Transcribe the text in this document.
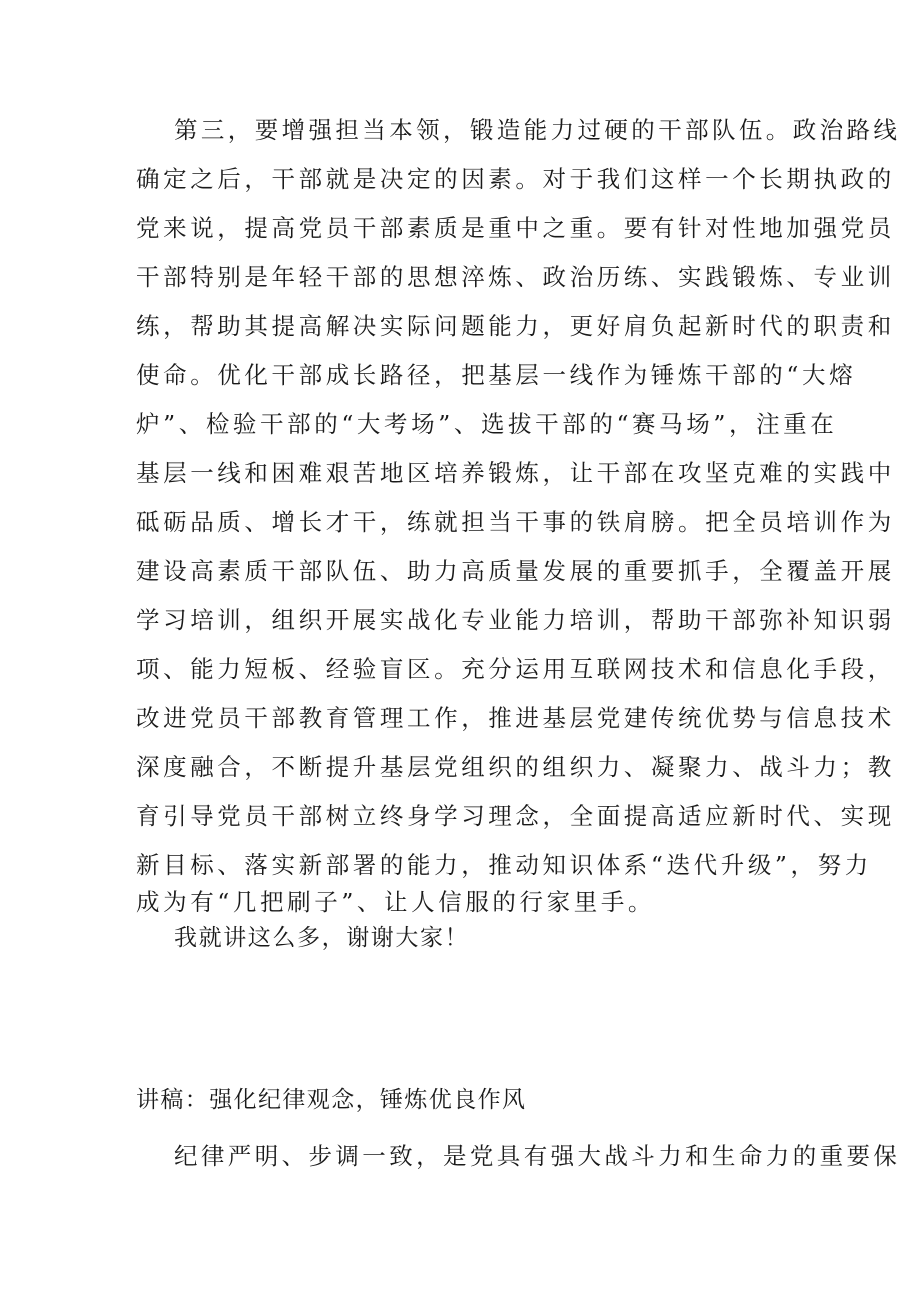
第三，要增强担当本领，锻造能力过硬的干部队伍。政治路线
确定之后，干部就是决定的因素。对于我们这样一个长期执政的
党来说，提高党员干部素质是重中之重。要有针对性地加强党员
干部特别是年轻干部的思想淬炼、政治历练、实践锻炼、专业训
练，帮助其提高解决实际问题能力，更好肩负起新时代的职责和
使命。优化干部成长路径，把基层一线作为锤炼干部的“大熔
炉”、检验干部的“大考场”、选拔干部的“赛马场”，注重在
基层一线和困难艰苦地区培养锻炼，让干部在攻坚克难的实践中
砥砺品质、增长才干，练就担当干事的铁肩膀。把全员培训作为
建设高素质干部队伍、助力高质量发展的重要抓手，全覆盖开展
学习培训，组织开展实战化专业能力培训，帮助干部弥补知识弱
项、能力短板、经验盲区。充分运用互联网技术和信息化手段，
改进党员干部教育管理工作，推进基层党建传统优势与信息技术
深度融合，不断提升基层党组织的组织力、凝聚力、战斗力；教
育引导党员干部树立终身学习理念，全面提高适应新时代、实现
新目标、落实新部署的能力，推动知识体系“迭代升级”，努力
成为有“几把刷子”、让人信服的行家里手。
我就讲这么多，谢谢大家！
讲稿：强化纪律观念，锤炼优良作风
纪律严明、步调一致，是党具有强大战斗力和生命力的重要保
